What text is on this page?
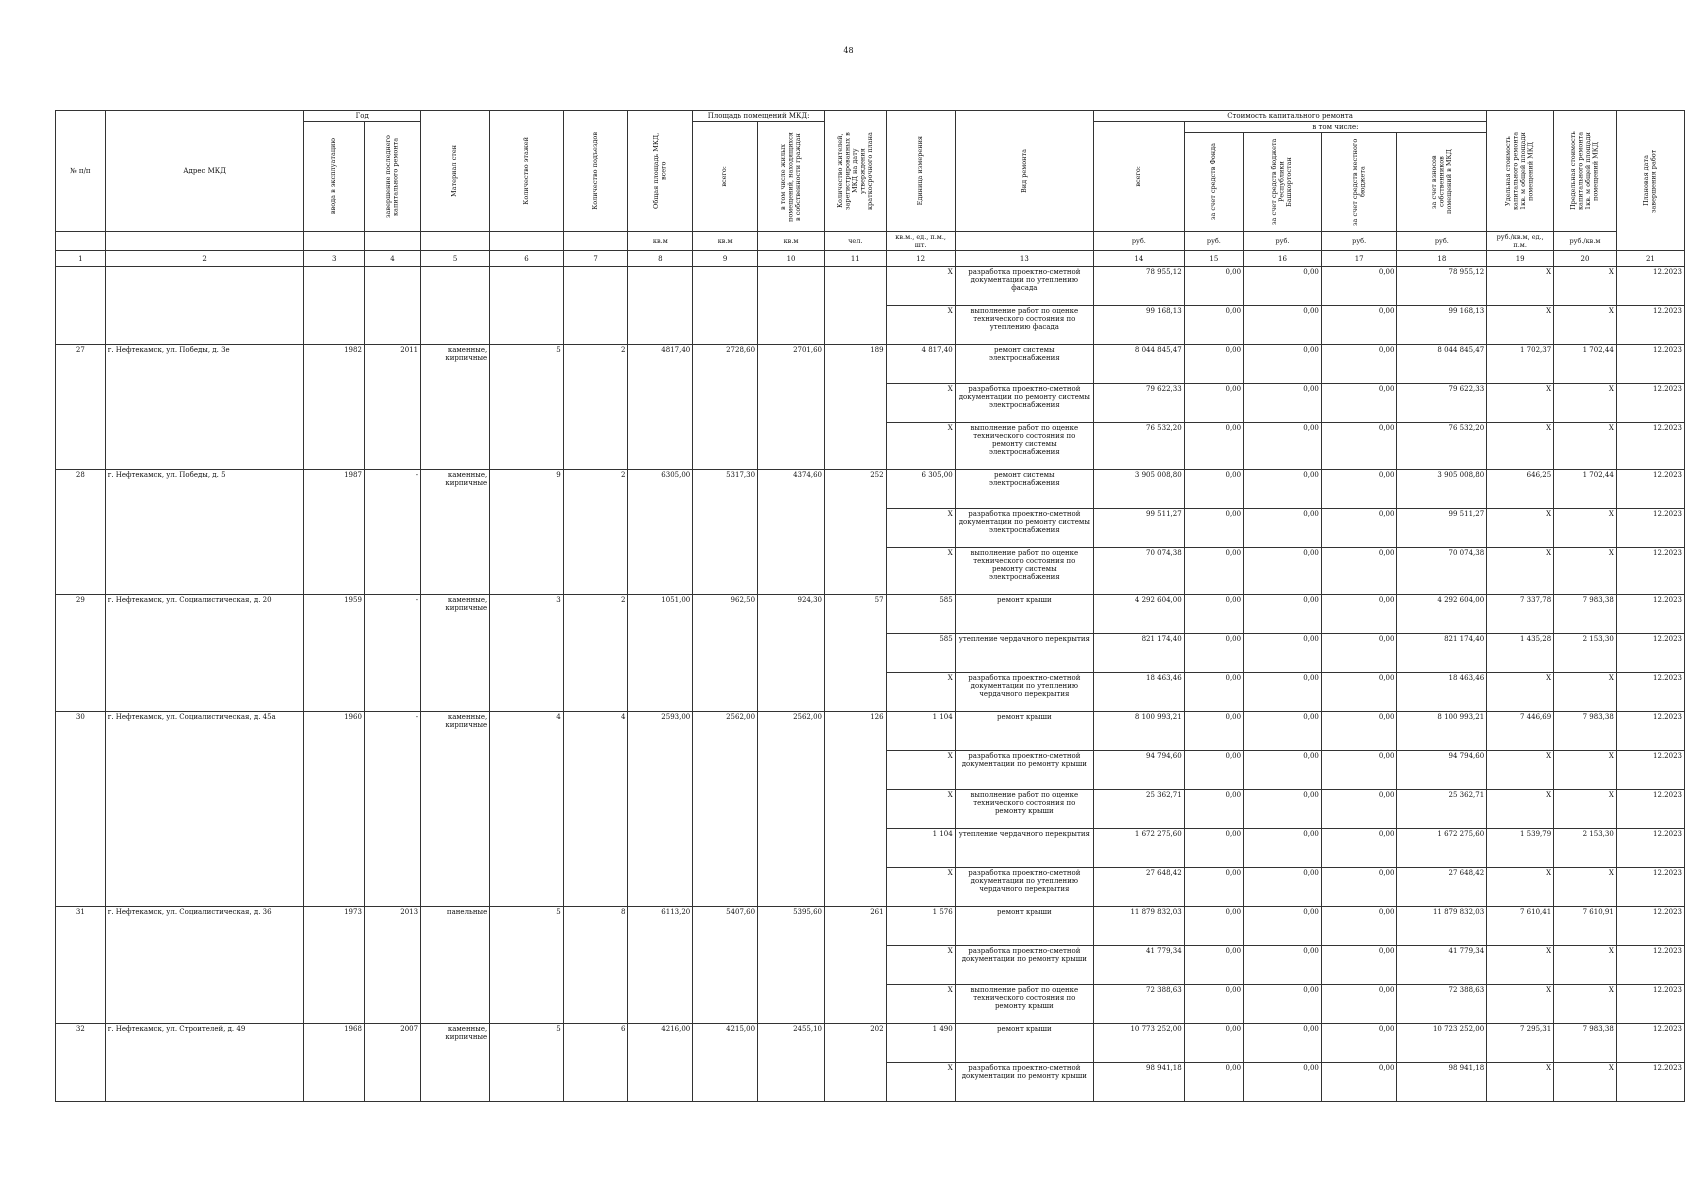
48
№ п/п	Адрес МКД	Год		Материал стен	Количество этажей	Количество подъездов	Общая площадь МКД, всего	Площадь помещений МКД:		Количество жителей, зарегистрированных в МКД на дату утверждения краткосрочного плана	Единица измерения	Вид ремонта	Стоимость капитального ремонта					Удельная стоимость капитального ремонта 1кв. м общей площади помещений МКД	Предельная стоимость капитального ремонта 1кв. м общей площади помещений МКД	Плановая дата завершения работ

		ввода в эксплуатацию	завершение последнего капитального ремонта					всего:	в том числе жилых помещений, находящихся в собственности граждан				всего:	в том числе:						

														за счет средств Фонда	за счет средств бюджета Республики Башкортостан	за счет средств местного бюджета	за счет взносов собственников помещений в МКД			

							кв.м	кв.м	кв.м	чел.	кв.м., ед., п.м., шт.		руб.	руб.	руб.	руб.	руб.	руб./кв.м, ед., п.м.	руб./кв.м	
1	2	3	4	5	6	7	8	9	10	11	12	13	14	15	16	17	18	19	20	21
											X	разработка проектно-сметной документации по утеплению фасада	78 955,12	0,00	0,00	0,00	78 955,12	X	X	12.2023
											X	выполнение работ по оценке технического состояния по утеплению фасада	99 168,13	0,00	0,00	0,00	99 168,13	X	X	12.2023
27	г. Нефтекамск, ул. Победы, д. 3е	1982	2011	каменные, кирпичные	5	2	4817,40	2728,60	2701,60	189	4 817,40	ремонт системы электроснабжения	8 044 845,47	0,00	0,00	0,00	8 044 845,47	1 702,37	1 702,44	12.2023
											X	разработка проектно-сметной документации по ремонту системы электроснабжения	79 622,33	0,00	0,00	0,00	79 622,33	X	X	12.2023
											X	выполнение работ по оценке технического состояния по ремонту системы электроснабжения	76 532,20	0,00	0,00	0,00	76 532,20	X	X	12.2023
28	г. Нефтекамск, ул. Победы, д. 5	1987	-	каменные, кирпичные	9	2	6305,00	5317,30	4374,60	252	6 305,00	ремонт системы электроснабжения	3 905 008,80	0,00	0,00	0,00	3 905 008,80	646,25	1 702,44	12.2023
											X	разработка проектно-сметной документации по ремонту системы электроснабжения	99 511,27	0,00	0,00	0,00	99 511,27	X	X	12.2023
											X	выполнение работ по оценке технического состояния по ремонту системы электроснабжения	70 074,38	0,00	0,00	0,00	70 074,38	X	X	12.2023
29	г. Нефтекамск, ул. Социалистическая, д. 20	1959	-	каменные, кирпичные	3	2	1051,00	962,50	924,30	57	585	ремонт крыши	4 292 604,00	0,00	0,00	0,00	4 292 604,00	7 337,78	7 983,38	12.2023
											585	утепление чердачного перекрытия	821 174,40	0,00	0,00	0,00	821 174,40	1 435,28	2 153,30	12.2023
											X	разработка проектно-сметной документации по утеплению чердачного перекрытия	18 463,46	0,00	0,00	0,00	18 463,46	X	X	12.2023
30	г. Нефтекамск, ул. Социалистическая, д. 45а	1960	-	каменные, кирпичные	4	4	2593,00	2562,00	2562,00	126	1 104	ремонт крыши	8 100 993,21	0,00	0,00	0,00	8 100 993,21	7 446,69	7 983,38	12.2023
											X	разработка проектно-сметной документации по ремонту крыши	94 794,60	0,00	0,00	0,00	94 794,60	X	X	12.2023
											X	выполнение работ по оценке технического состояния по ремонту крыши	25 362,71	0,00	0,00	0,00	25 362,71	X	X	12.2023
											1 104	утепление чердачного перекрытия	1 672 275,60	0,00	0,00	0,00	1 672 275,60	1 539,79	2 153,30	12.2023
											X	разработка проектно-сметной документации по утеплению чердачного перекрытия	27 648,42	0,00	0,00	0,00	27 648,42	X	X	12.2023
31	г. Нефтекамск, ул. Социалистическая, д. 36	1973	2013	панельные	5	8	6113,20	5407,60	5395,60	261	1 576	ремонт крыши	11 879 832,03	0,00	0,00	0,00	11 879 832,03	7 610,41	7 610,91	12.2023
											X	разработка проектно-сметной документации по ремонту крыши	41 779,34	0,00	0,00	0,00	41 779,34	X	X	12.2023
											X	выполнение работ по оценке технического состояния по ремонту крыши	72 388,63	0,00	0,00	0,00	72 388,63	X	X	12.2023
32	г. Нефтекамск, ул. Строителей, д. 49	1968	2007	каменные, кирпичные	5	6	4216,00	4215,00	2455,10	202	1 490	ремонт крыши	10 773 252,00	0,00	0,00	0,00	10 723 252,00	7 295,31	7 983,38	12.2023
											X	разработка проектно-сметной документации по ремонту крыши	98 941,18	0,00	0,00	0,00	98 941,18	X	X	12.2023
